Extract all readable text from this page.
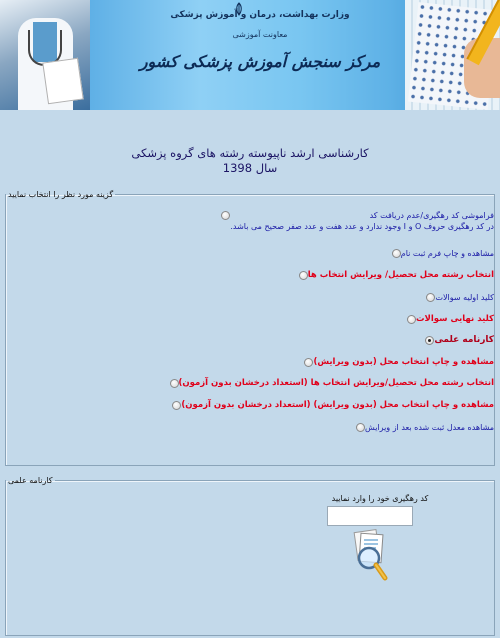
وزارت بهداشت، درمان و آموزش پزشکی
معاونت آموزشی
مرکز سنجش آموزش پزشکی کشور
کارشناسی ارشد ناپیوسته رشته های گروه پزشکی
سال 1398
گزینه مورد نظر را انتخاب نمایید
فراموشی کد رهگیری/عدم دریافت کد
در کد رهگیری حروف O و I وجود ندارد و عدد هفت و عدد صفر صحیح می باشد.
مشاهده و چاپ فرم ثبت نام
انتخاب رشته محل تحصیل/ ویرایش انتخاب ها
کلید اولیه سوالات
کلید نهایی سوالات
کارنامه علمی
مشاهده و چاپ انتخاب محل (بدون ویرایش)
انتخاب رشته محل تحصیل/ویرایش انتخاب ها (استعداد درخشان بدون آزمون)
مشاهده و چاپ انتخاب محل (بدون ویرایش) (استعداد درخشان بدون آزمون)
مشاهده معدل ثبت شده بعد از ویرایش
کارنامه علمی
کد رهگیری خود را وارد نمایید
